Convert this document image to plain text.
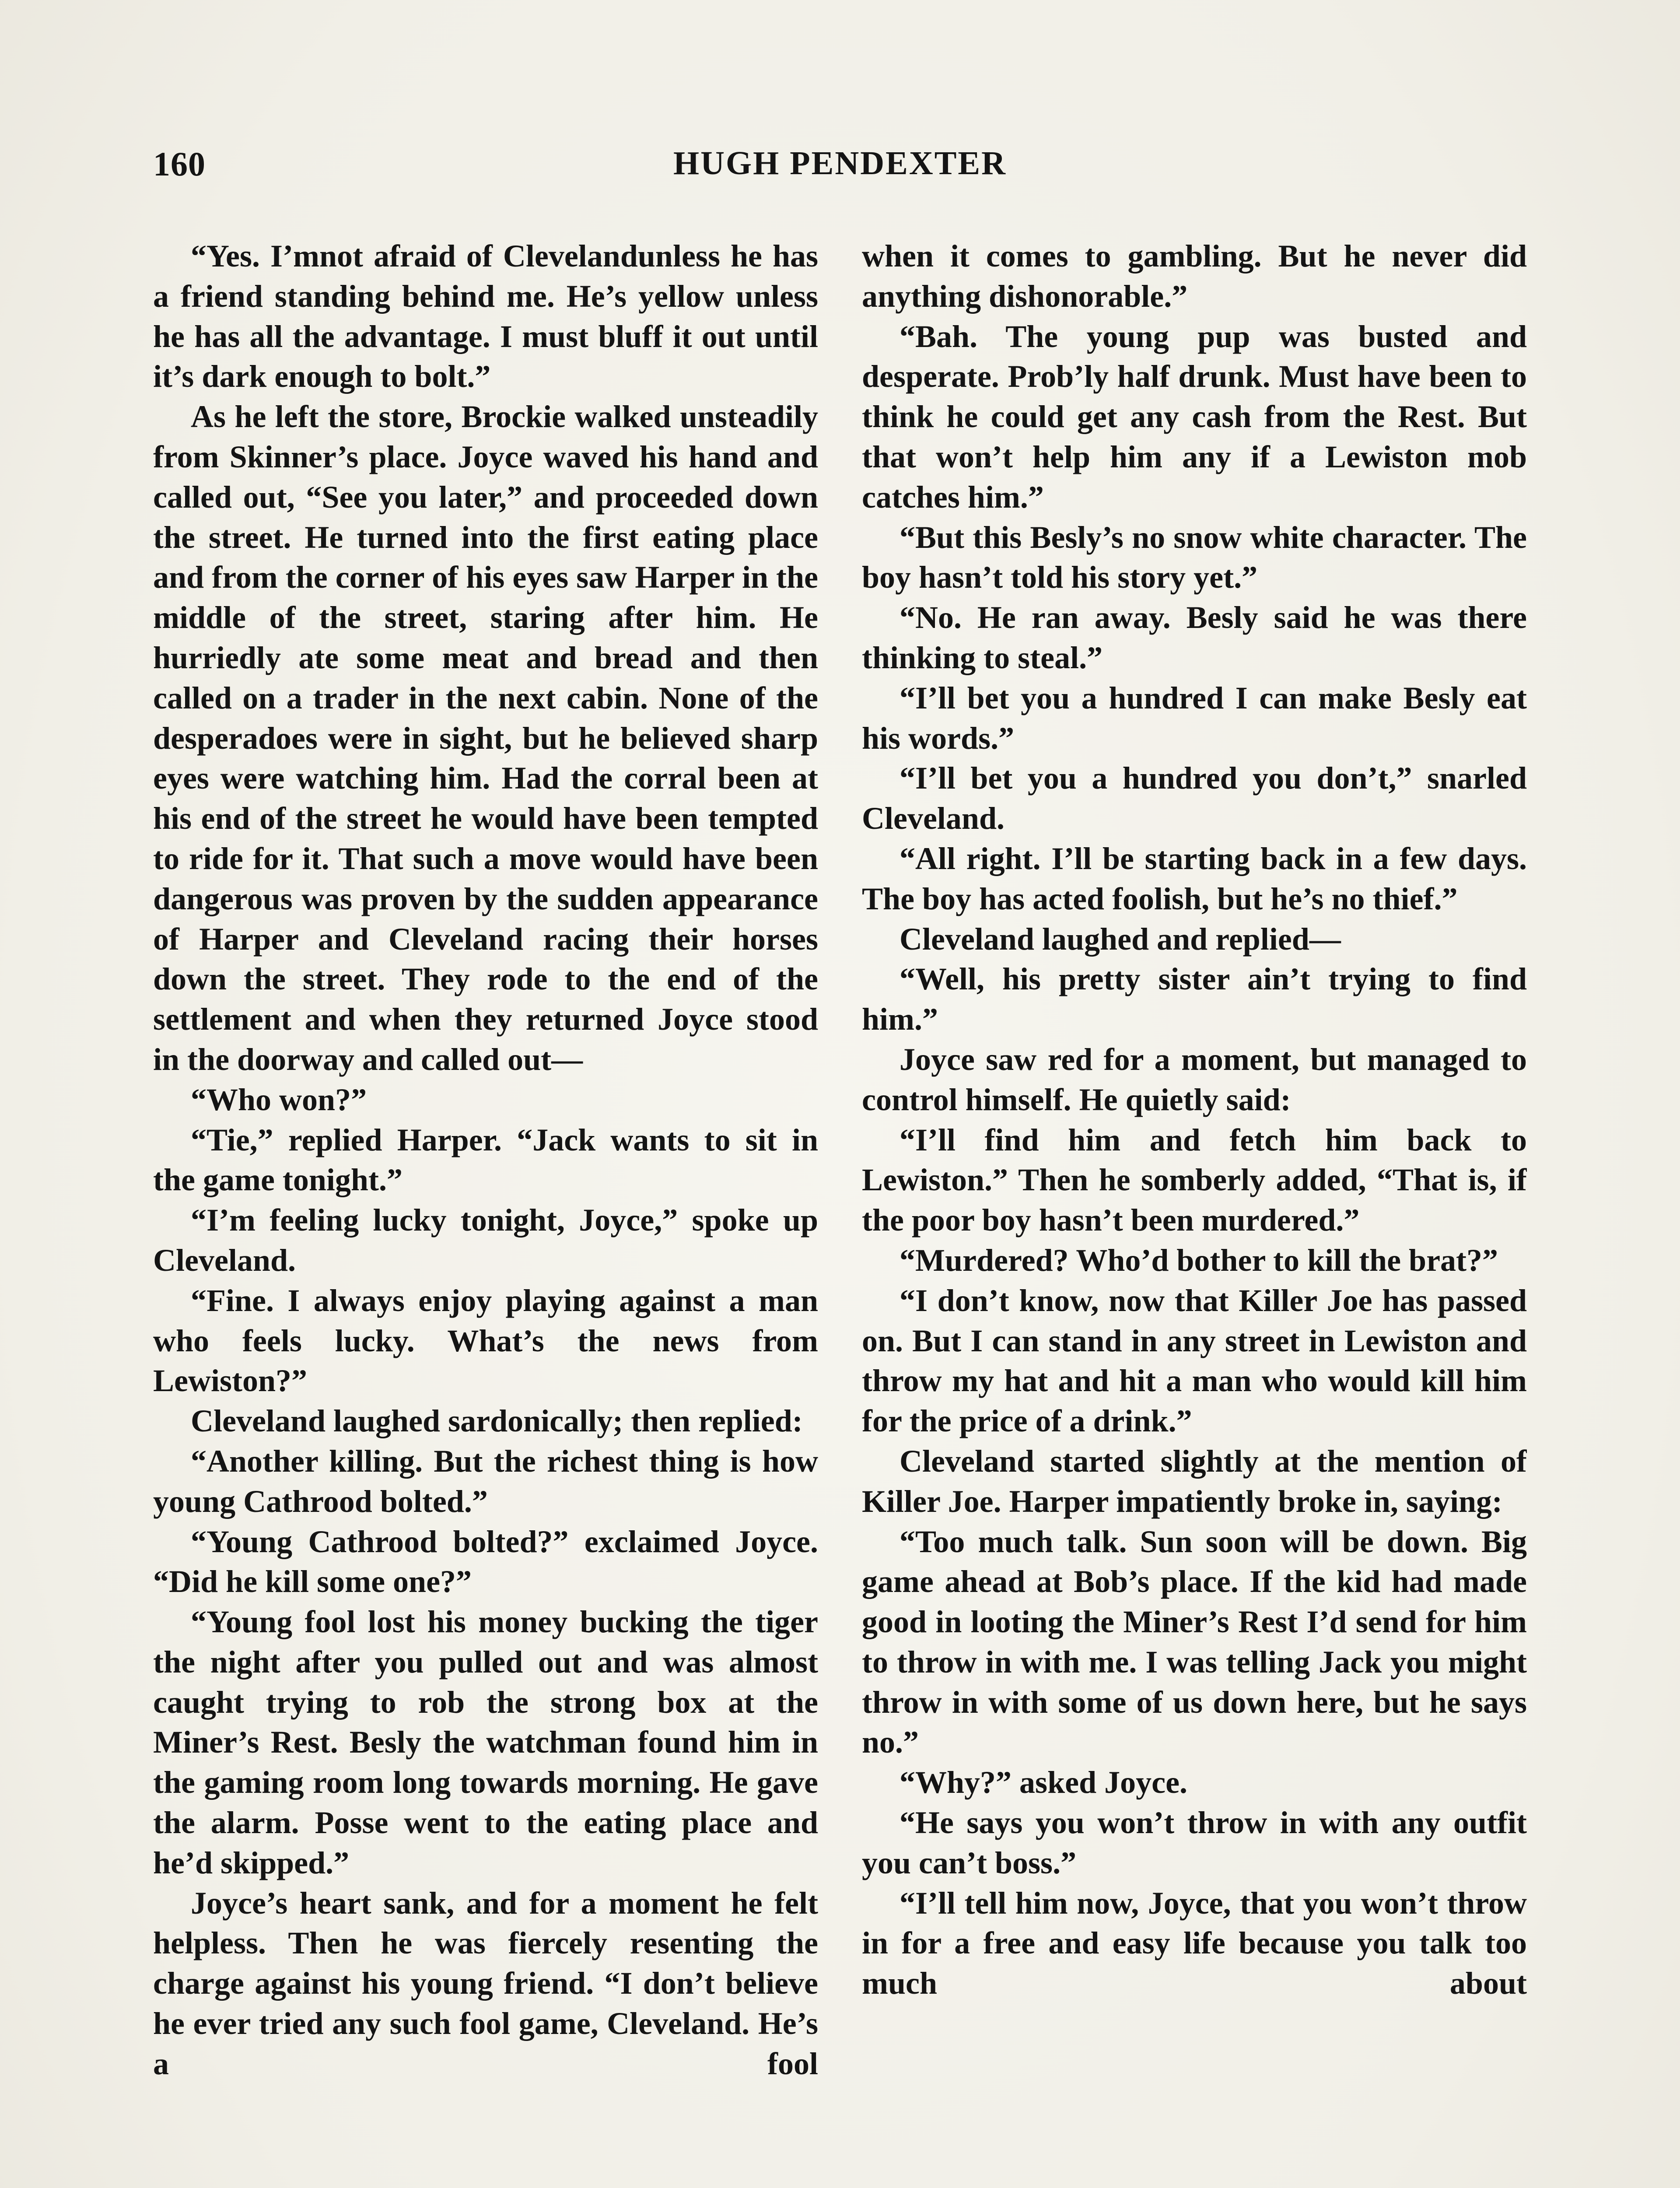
160	HUGH PENDEXTER

“Yes. I’mnot afraid of Clevelandunless he has a friend standing behind me. He’s yellow unless he has all the advantage. I must bluff it out until it’s dark enough to bolt.”

As he left the store, Brockie walked unsteadily from Skinner’s place. Joyce waved his hand and called out, “See you later,” and proceeded down the street. He turned into the first eating place and from the corner of his eyes saw Harper in the middle of the street, staring after him. He hurriedly ate some meat and bread and then called on a trader in the next cabin. None of the desperadoes were in sight, but he believed sharp eyes were watching him. Had the corral been at his end of the street he would have been tempted to ride for it. That such a move would have been dangerous was proven by the sudden appearance of Harper and Cleveland racing their horses down the street. They rode to the end of the settlement and when they returned Joyce stood in the doorway and called out—

“Who won?”

“Tie,” replied Harper. “Jack wants to sit in the game tonight.”

“I’m feeling lucky tonight, Joyce,” spoke up Cleveland.

“Fine. I always enjoy playing against a man who feels lucky. What’s the news from Lewiston?”

Cleveland laughed sardonically; then replied:

“Another killing. But the richest thing is how young Cathrood bolted.”

“Young Cathrood bolted?” exclaimed Joyce. “Did he kill some one?”

“Young fool lost his money bucking the tiger the night after you pulled out and was almost caught trying to rob the strong box at the Miner’s Rest. Besly the watchman found him in the gaming room long towards morning. He gave the alarm. Posse went to the eating place and he’d skipped.”

Joyce’s heart sank, and for a moment he felt helpless. Then he was fiercely resenting the charge against his young friend. “I don’t believe he ever tried any such fool game, Cleveland. He’s a fool

when it comes to gambling. But he never did anything dishonorable.”

“Bah. The young pup was busted and desperate. Prob’ly half drunk. Must have been to think he could get any cash from the Rest. But that won’t help him any if a Lewiston mob catches him.”

“But this Besly’s no snow white character. The boy hasn’t told his story yet.”

“No. He ran away. Besly said he was there thinking to steal.”

“I’ll bet you a hundred I can make Besly eat his words.”

“I’ll bet you a hundred you don’t,” snarled Cleveland.

“All right. I’ll be starting back in a few days. The boy has acted foolish, but he’s no thief.”

Cleveland laughed and replied—

“Well, his pretty sister ain’t trying to find him.”

Joyce saw red for a moment, but managed to control himself. He quietly said:

“I’ll find him and fetch him back to Lewiston.” Then he somberly added, “That is, if the poor boy hasn’t been murdered.”

“Murdered? Who’d bother to kill the brat?”

“I don’t know, now that Killer Joe has passed on. But I can stand in any street in Lewiston and throw my hat and hit a man who would kill him for the price of a drink.”

Cleveland started slightly at the mention of Killer Joe. Harper impatiently broke in, saying:

“Too much talk. Sun soon will be down. Big game ahead at Bob’s place. If the kid had made good in looting the Miner’s Rest I’d send for him to throw in with me. I was telling Jack you might throw in with some of us down here, but he says no.”

“Why?” asked Joyce.

“He says you won’t throw in with any outfit you can’t boss.”

“I’ll tell him now, Joyce, that you won’t throw in for a free and easy life because you talk too much about
